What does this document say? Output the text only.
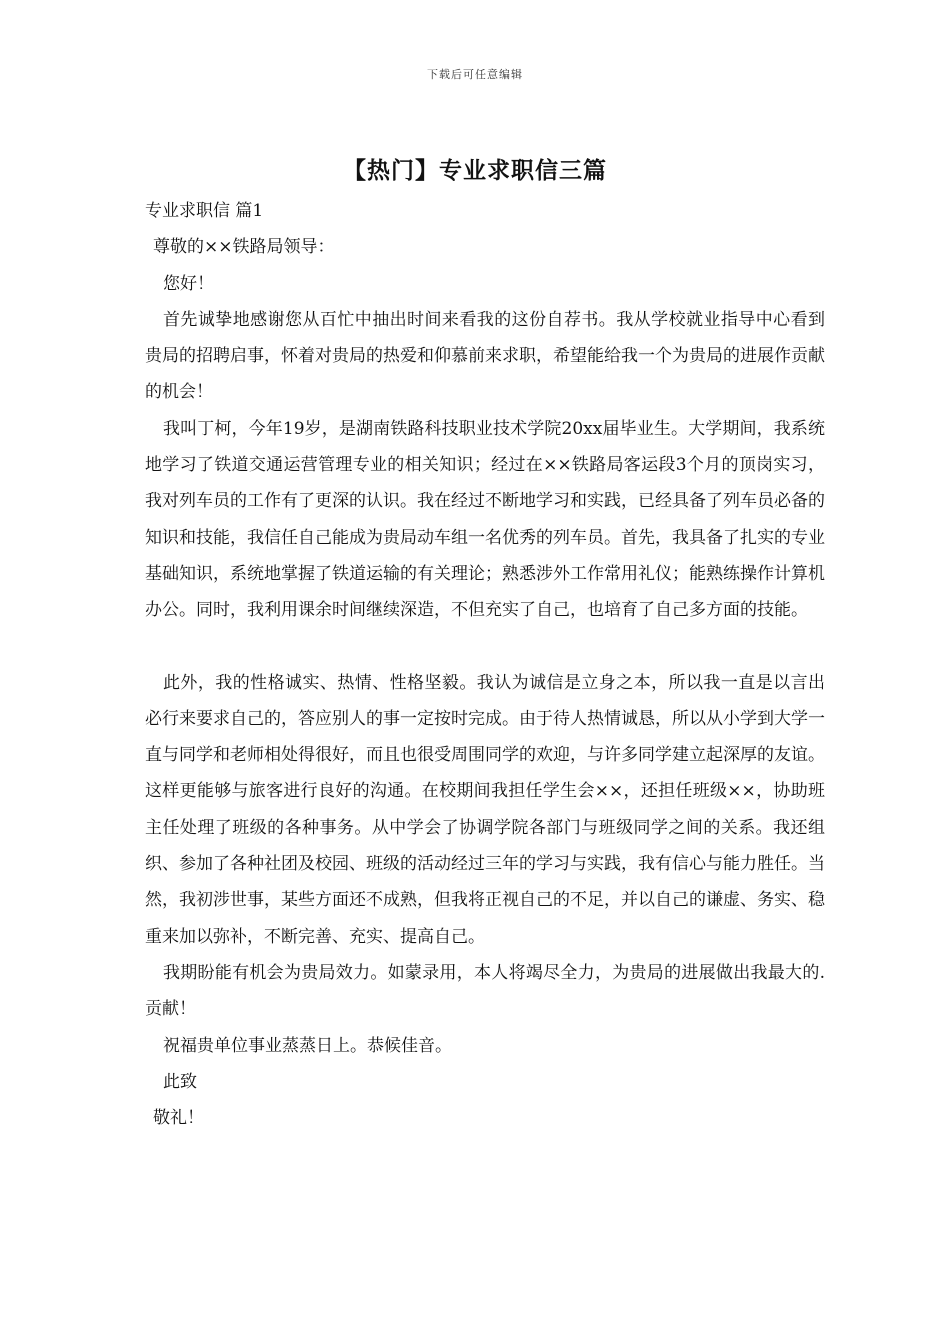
下载后可任意编辑
【热门】专业求职信三篇

专业求职信 篇1

尊敬的××铁路局领导：

您好！

首先诚挚地感谢您从百忙中抽出时间来看我的这份自荐书。我从学校就业指导中心看到贵局的招聘启事，怀着对贵局的热爱和仰慕前来求职，希望能给我一个为贵局的进展作贡献的机会！

我叫丁柯，今年19岁，是湖南铁路科技职业技术学院20xx届毕业生。大学期间，我系统地学习了铁道交通运营管理专业的相关知识；经过在××铁路局客运段3个月的顶岗实习，我对列车员的工作有了更深的认识。我在经过不断地学习和实践，已经具备了列车员必备的知识和技能，我信任自己能成为贵局动车组一名优秀的列车员。首先，我具备了扎实的专业基础知识，系统地掌握了铁道运输的有关理论；熟悉涉外工作常用礼仪；能熟练操作计算机办公。同时，我利用课余时间继续深造，不但充实了自己，也培育了自己多方面的技能。

此外，我的性格诚实、热情、性格坚毅。我认为诚信是立身之本，所以我一直是以言出必行来要求自己的，答应别人的事一定按时完成。由于待人热情诚恳，所以从小学到大学一直与同学和老师相处得很好，而且也很受周围同学的欢迎，与许多同学建立起深厚的友谊。这样更能够与旅客进行良好的沟通。在校期间我担任学生会××，还担任班级××，协助班主任处理了班级的各种事务。从中学会了协调学院各部门与班级同学之间的关系。我还组织、参加了各种社团及校园、班级的活动经过三年的学习与实践，我有信心与能力胜任。当然，我初涉世事，某些方面还不成熟，但我将正视自己的不足，并以自己的谦虚、务实、稳重来加以弥补，不断完善、充实、提高自己。

我期盼能有机会为贵局效力。如蒙录用，本人将竭尽全力，为贵局的进展做出我最大的.贡献！

祝福贵单位事业蒸蒸日上。恭候佳音。

此致

敬礼！
